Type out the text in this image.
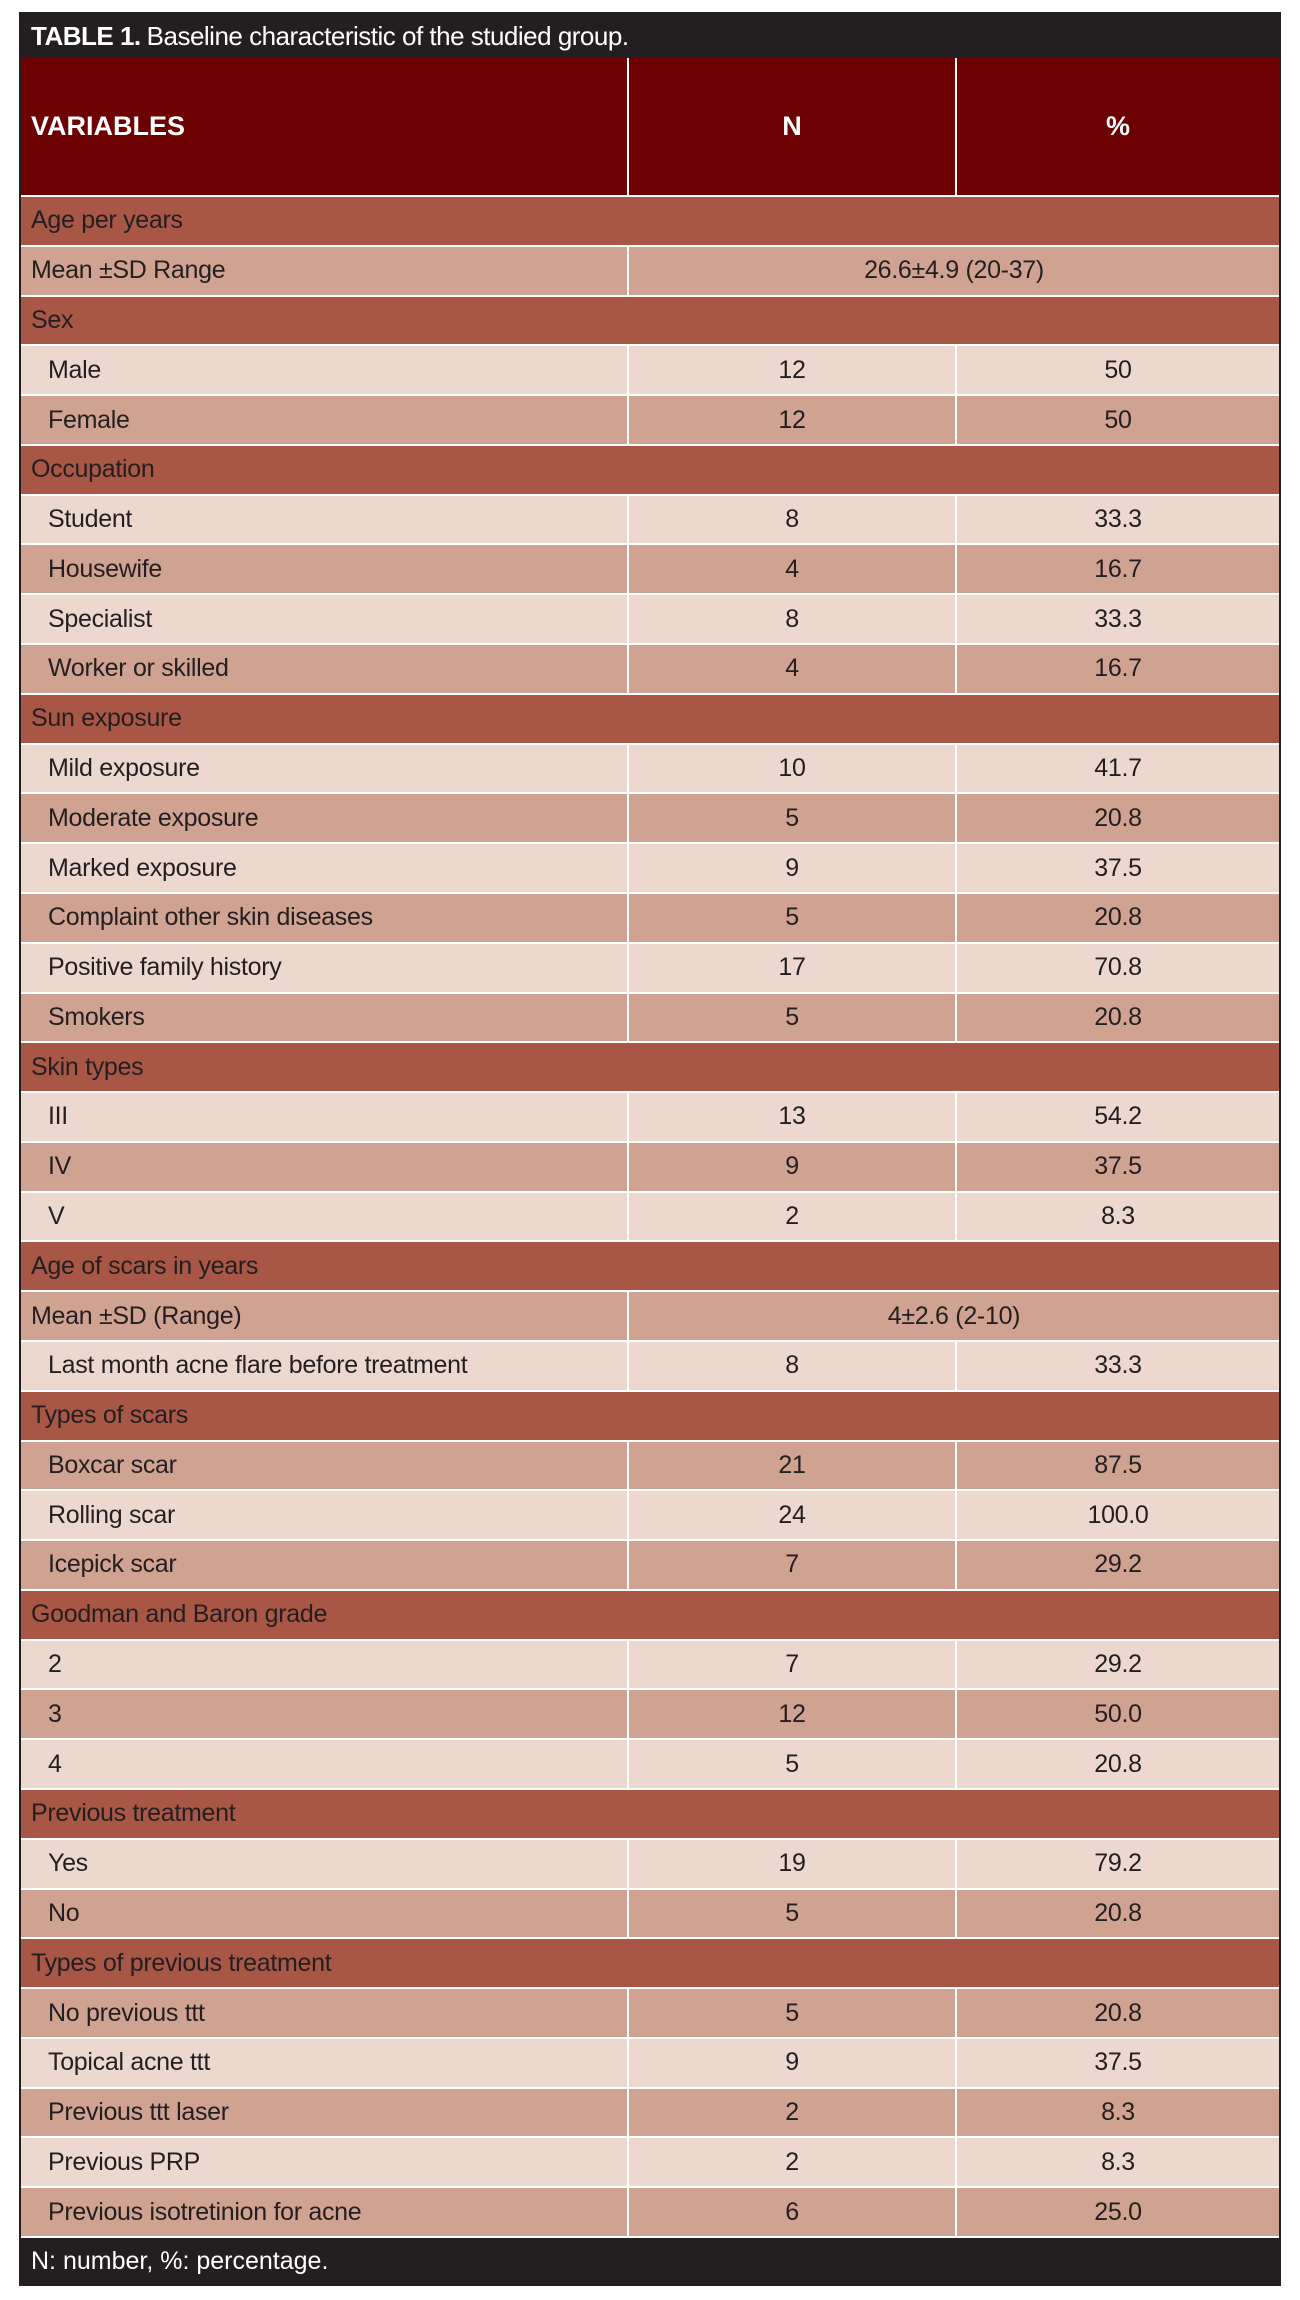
TABLE 1. Baseline characteristic of the studied group.
VARIABLES	N	%
Age per years
Mean ±SD Range	26.6±4.9 (20-37)
Sex
Male	12	50
Female	12	50
Occupation
Student	8	33.3
Housewife	4	16.7
Specialist	8	33.3
Worker or skilled	4	16.7
Sun exposure
Mild exposure	10	41.7
Moderate exposure	5	20.8
Marked exposure	9	37.5
Complaint other skin diseases	5	20.8
Positive family history	17	70.8
Smokers	5	20.8
Skin types
III	13	54.2
IV	9	37.5
V	2	8.3
Age of scars in years
Mean ±SD (Range)	4±2.6 (2-10)
Last month acne flare before treatment	8	33.3
Types of scars
Boxcar scar	21	87.5
Rolling scar	24	100.0
Icepick scar	7	29.2
Goodman and Baron grade
2	7	29.2
3	12	50.0
4	5	20.8
Previous treatment
Yes	19	79.2
No	5	20.8
Types of previous treatment
No previous ttt	5	20.8
Topical acne ttt	9	37.5
Previous ttt laser	2	8.3
Previous PRP	2	8.3
Previous isotretinion for acne	6	25.0
N: number, %: percentage.
